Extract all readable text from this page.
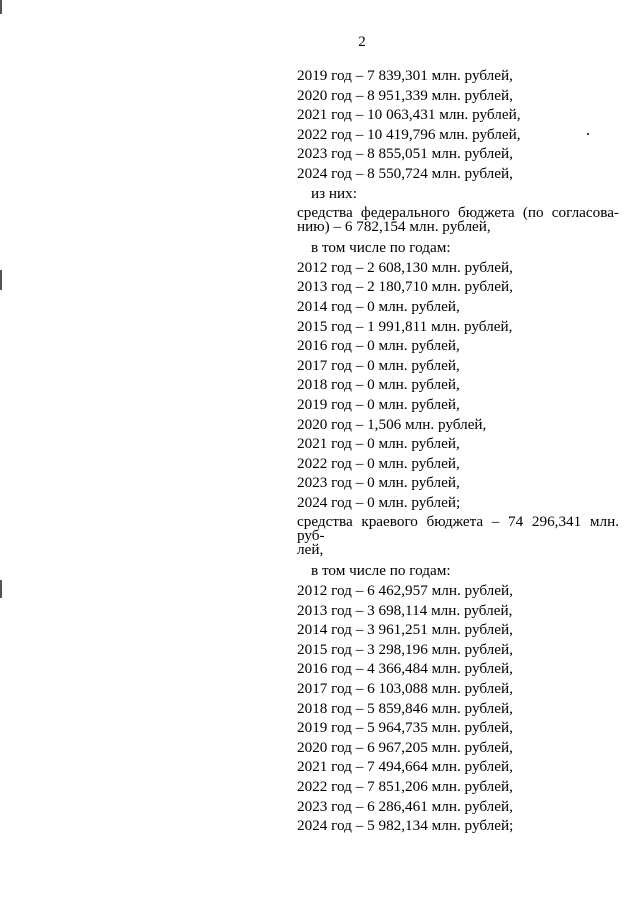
2
2019 год – 7 839,301 млн. рублей,
2020 год – 8 951,339 млн. рублей,
2021 год – 10 063,431 млн. рублей,
2022 год – 10 419,796 млн. рублей,
2023 год – 8 855,051 млн. рублей,
2024 год – 8 550,724 млн. рублей,
из них:
средства федерального бюджета (по согласова-
нию) – 6 782,154 млн. рублей,
в том числе по годам:
2012 год – 2 608,130 млн. рублей,
2013 год – 2 180,710 млн. рублей,
2014 год – 0 млн. рублей,
2015 год – 1 991,811 млн. рублей,
2016 год – 0 млн. рублей,
2017 год – 0 млн. рублей,
2018 год – 0 млн. рублей,
2019 год – 0 млн. рублей,
2020 год – 1,506 млн. рублей,
2021 год – 0 млн. рублей,
2022 год – 0 млн. рублей,
2023 год – 0 млн. рублей,
2024 год – 0 млн. рублей;
средства краевого бюджета – 74 296,341 млн. руб-
лей,
в том числе по годам:
2012 год – 6 462,957 млн. рублей,
2013 год – 3 698,114 млн. рублей,
2014 год – 3 961,251 млн. рублей,
2015 год – 3 298,196 млн. рублей,
2016 год – 4 366,484 млн. рублей,
2017 год – 6 103,088 млн. рублей,
2018 год – 5 859,846 млн. рублей,
2019 год – 5 964,735 млн. рублей,
2020 год – 6 967,205 млн. рублей,
2021 год – 7 494,664 млн. рублей,
2022 год – 7 851,206 млн. рублей,
2023 год – 6 286,461 млн. рублей,
2024 год – 5 982,134 млн. рублей;
